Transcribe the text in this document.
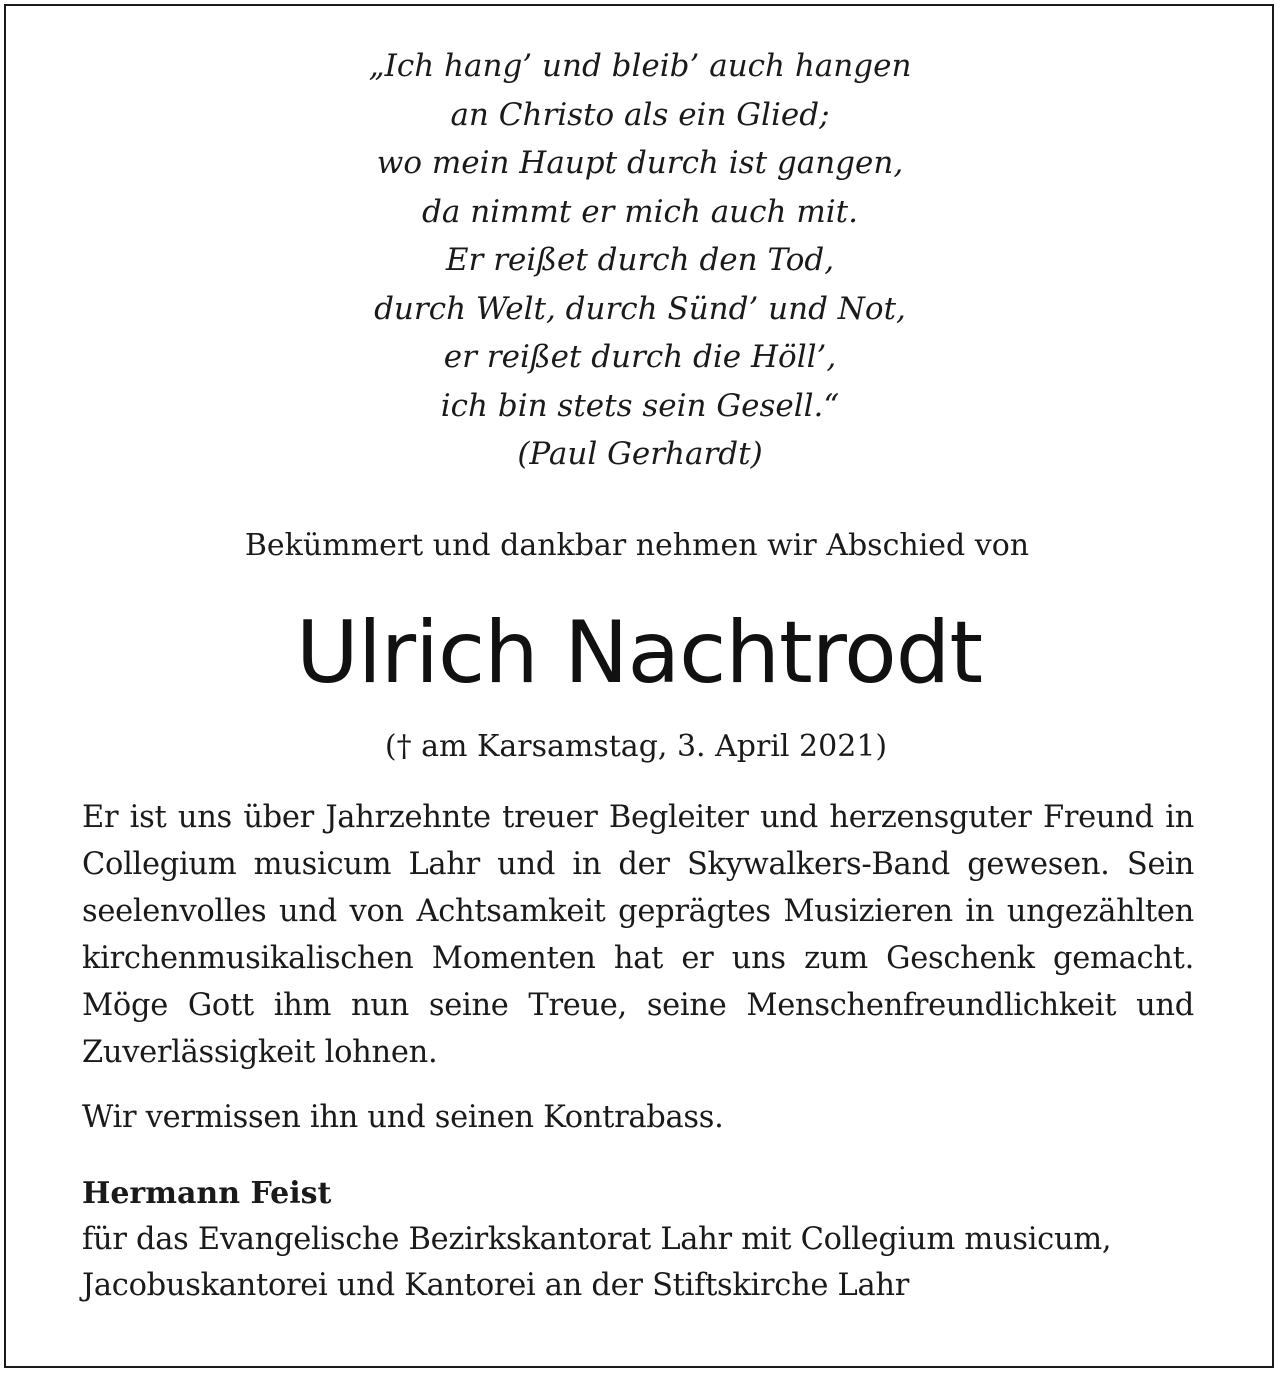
„Ich hang’ und bleib’ auch hangen
an Christo als ein Glied;
wo mein Haupt durch ist gangen,
da nimmt er mich auch mit.
Er reißet durch den Tod,
durch Welt, durch Sünd’ und Not,
er reißet durch die Höll’,
ich bin stets sein Gesell.“
(Paul Gerhardt)
Bekümmert und dankbar nehmen wir Abschied von
Ulrich Nachtrodt
(† am Karsamstag, 3. April 2021)
Er ist uns über Jahrzehnte treuer Begleiter und herzensguter Freund in
Collegium musicum Lahr und in der Skywalkers-Band gewesen. Sein
seelenvolles und von Achtsamkeit geprägtes Musizieren in ungezählten
kirchenmusikalischen Momenten hat er uns zum Geschenk gemacht.
Möge Gott ihm nun seine Treue, seine Menschenfreundlichkeit und
Zuverlässigkeit lohnen.
Wir vermissen ihn und seinen Kontrabass.
Hermann Feist
für das Evangelische Bezirkskantorat Lahr mit Collegium musicum,
Jacobuskantorei und Kantorei an der Stiftskirche Lahr
